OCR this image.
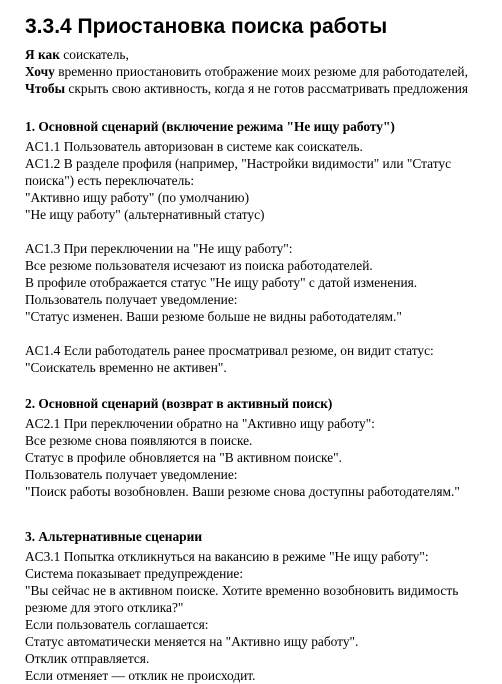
3.3.4 Приостановка поиска работы
Я как соискатель,
Хочу временно приостановить отображение моих резюме для работодателей,
Чтобы скрыть свою активность, когда я не готов рассматривать предложения
1. Основной сценарий (включение режима "Не ищу работу")
AC1.1 Пользователь авторизован в системе как соискатель.
AC1.2 В разделе профиля (например, "Настройки видимости" или "Статус
поиска") есть переключатель:
"Активно ищу работу" (по умолчанию)
"Не ищу работу" (альтернативный статус)
AC1.3 При переключении на "Не ищу работу":
Все резюме пользователя исчезают из поиска работодателей.
В профиле отображается статус "Не ищу работу" с датой изменения.
Пользователь получает уведомление:
"Статус изменен. Ваши резюме больше не видны работодателям."
AC1.4 Если работодатель ранее просматривал резюме, он видит статус:
"Соискатель временно не активен".
2. Основной сценарий (возврат в активный поиск)
AC2.1 При переключении обратно на "Активно ищу работу":
Все резюме снова появляются в поиске.
Статус в профиле обновляется на "В активном поиске".
Пользователь получает уведомление:
"Поиск работы возобновлен. Ваши резюме снова доступны работодателям."
3. Альтернативные сценарии
AC3.1 Попытка откликнуться на вакансию в режиме "Не ищу работу":
Система показывает предупреждение:
"Вы сейчас не в активном поиске. Хотите временно возобновить видимость
резюме для этого отклика?"
Если пользователь соглашается:
Статус автоматически меняется на "Активно ищу работу".
Отклик отправляется.
Если отменяет — отклик не происходит.
